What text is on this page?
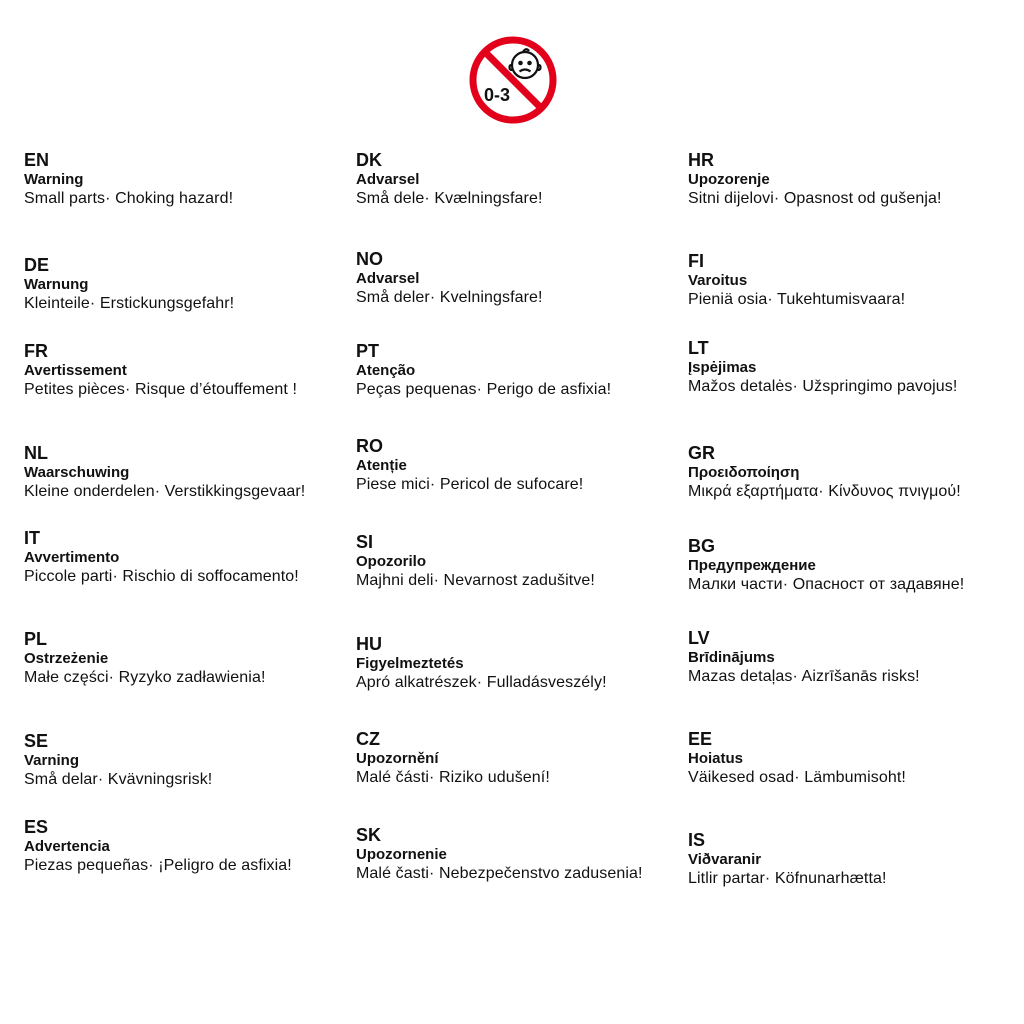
0-3
EN
Warning
Small parts· Choking hazard!
DE
Warnung
Kleinteile· Erstickungsgefahr!
FR
Avertissement
Petites pièces· Risque d’étouffement !
NL
Waarschuwing
Kleine onderdelen· Verstikkingsgevaar!
IT
Avvertimento
Piccole parti· Rischio di soffocamento!
PL
Ostrzeżenie
Małe części· Ryzyko zadławienia!
SE
Varning
Små delar· Kvävningsrisk!
ES
Advertencia
Piezas pequeñas· ¡Peligro de asfixia!
DK
Advarsel
Små dele· Kvælningsfare!
NO
Advarsel
Små deler· Kvelningsfare!
PT
Atenção
Peças pequenas· Perigo de asfixia!
RO
Atenție
Piese mici· Pericol de sufocare!
SI
Opozorilo
Majhni deli· Nevarnost zadušitve!
HU
Figyelmeztetés
Apró alkatrészek· Fulladásveszély!
CZ
Upozornění
Malé části· Riziko udušení!
SK
Upozornenie
Malé časti· Nebezpečenstvo zadusenia!
HR
Upozorenje
Sitni dijelovi· Opasnost od gušenja!
FI
Varoitus
Pieniä osia· Tukehtumisvaara!
LT
Įspėjimas
Mažos detalės· Užspringimo pavojus!
GR
Προειδοποίηση
Μικρά εξαρτήματα· Κίνδυνος πνιγμού!
BG
Предупреждение
Малки части· Опасност от задавяне!
LV
Brīdinājums
Mazas detaļas· Aizrīšanās risks!
EE
Hoiatus
Väikesed osad· Lämbumisoht!
IS
Viðvaranir
Litlir partar· Köfnunarhætta!
